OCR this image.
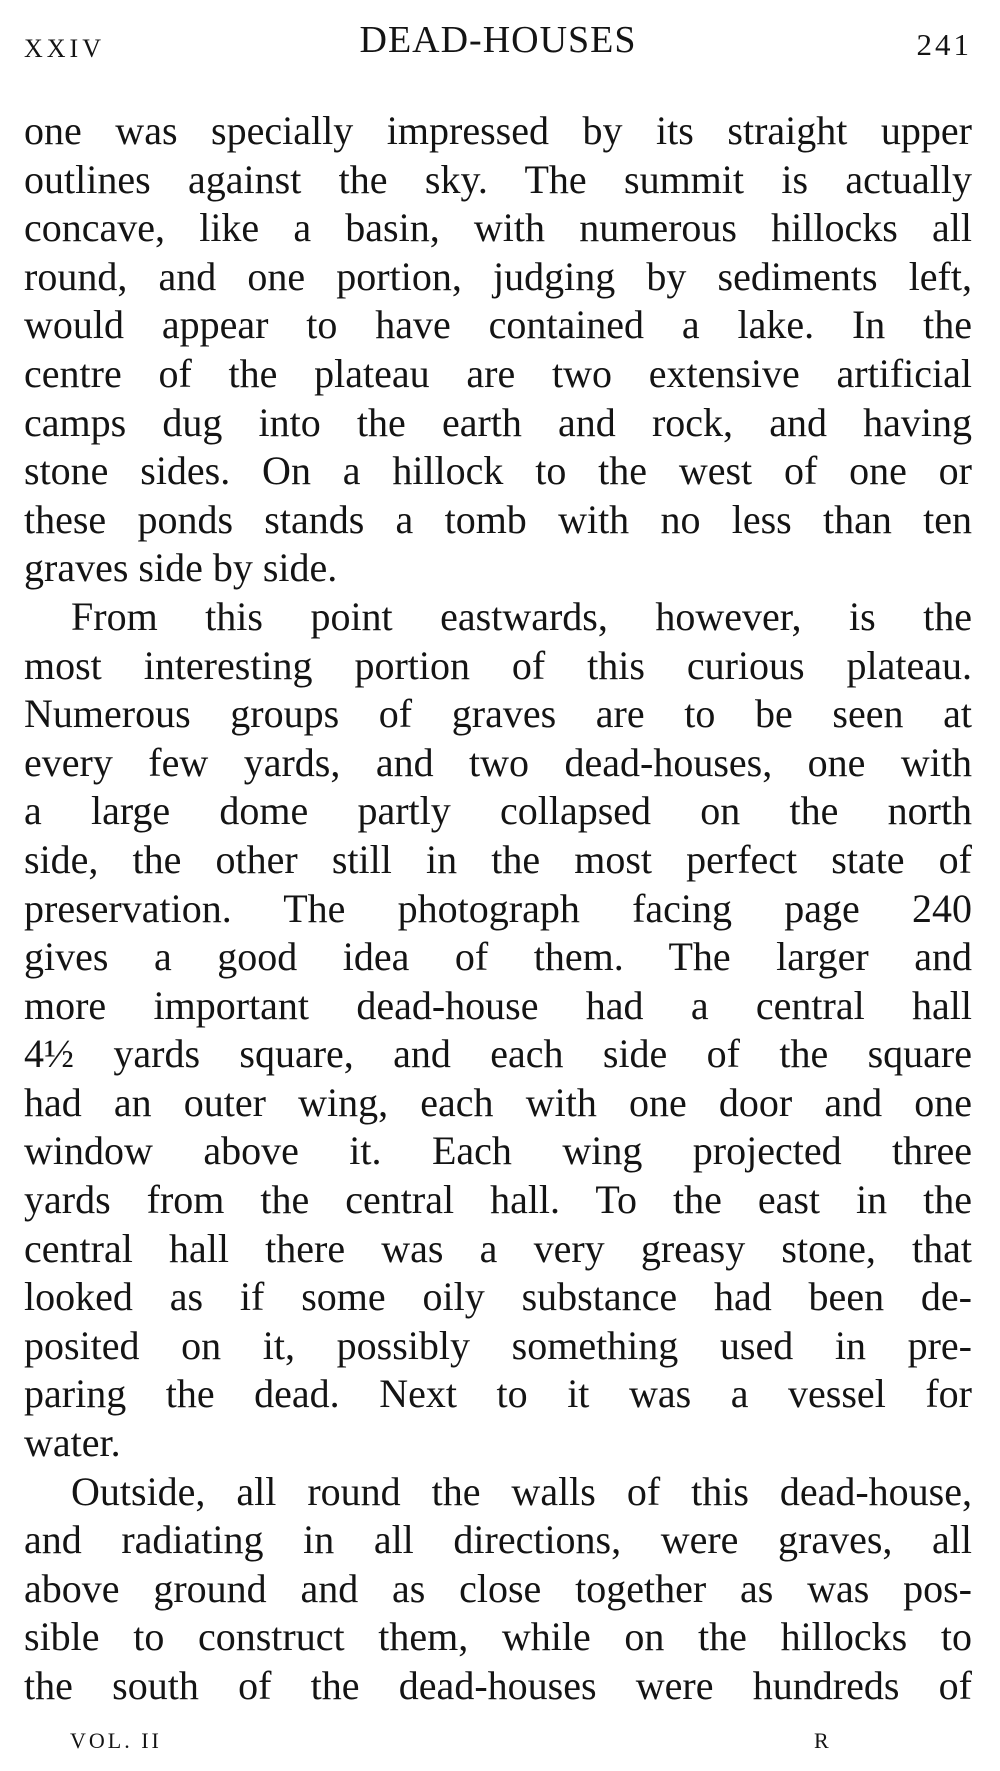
XXIV	DEAD-HOUSES	241
one was specially impressed by its straight upper
outlines against the sky. The summit is actually
concave, like a basin, with numerous hillocks all
round, and one portion, judging by sediments left,
would appear to have contained a lake. In the
centre of the plateau are two extensive artificial
camps dug into the earth and rock, and having
stone sides. On a hillock to the west of one or
these ponds stands a tomb with no less than ten
graves side by side.
From this point eastwards, however, is the
most interesting portion of this curious plateau.
Numerous groups of graves are to be seen at
every few yards, and two dead-houses, one with
a large dome partly collapsed on the north
side, the other still in the most perfect state of
preservation. The photograph facing page 240
gives a good idea of them. The larger and
more important dead-house had a central hall
4½ yards square, and each side of the square
had an outer wing, each with one door and one
window above it. Each wing projected three
yards from the central hall. To the east in the
central hall there was a very greasy stone, that
looked as if some oily substance had been de-
posited on it, possibly something used in pre-
paring the dead. Next to it was a vessel for
water.
Outside, all round the walls of this dead-house,
and radiating in all directions, were graves, all
above ground and as close together as was pos-
sible to construct them, while on the hillocks to
the south of the dead-houses were hundreds of
VOL. II	R
